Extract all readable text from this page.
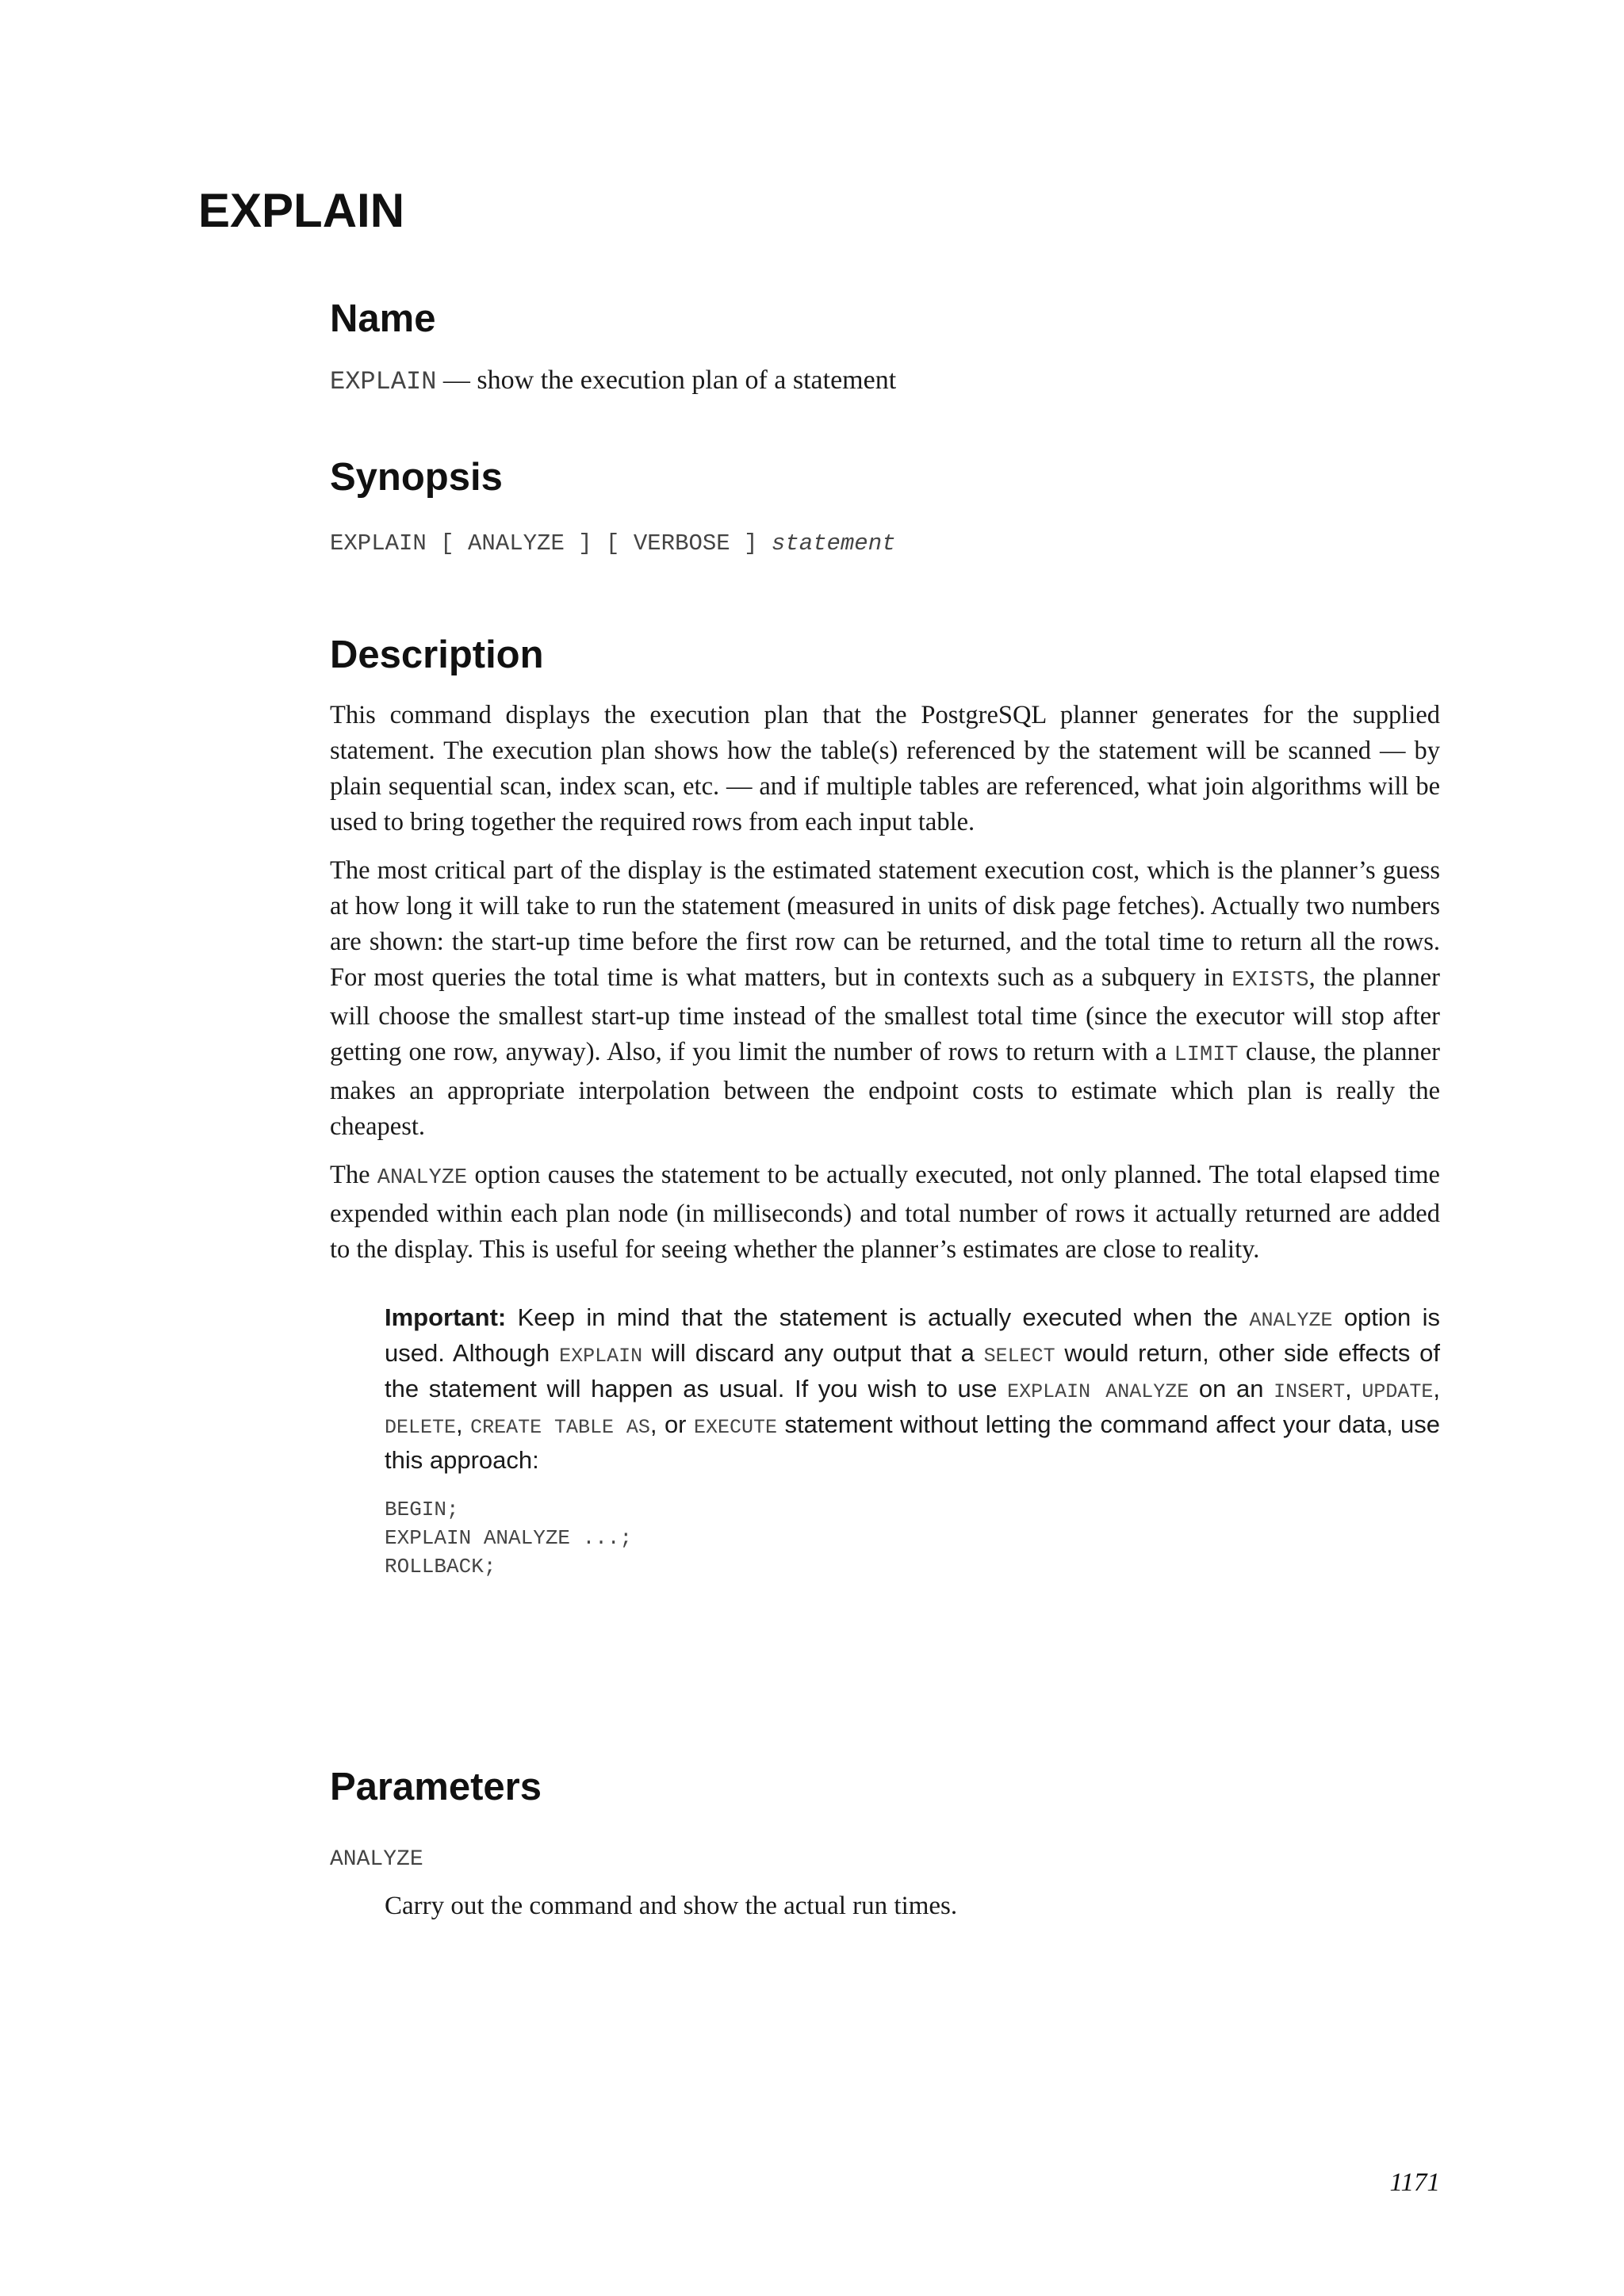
EXPLAIN
Name

EXPLAIN — show the execution plan of a statement

Synopsis
EXPLAIN [ ANALYZE ] [ VERBOSE ] statement
Description

This command displays the execution plan that the PostgreSQL planner generates for the supplied statement. The execution plan shows how the table(s) referenced by the statement will be scanned — by plain sequential scan, index scan, etc. — and if multiple tables are referenced, what join algorithms will be used to bring together the required rows from each input table.

The most critical part of the display is the estimated statement execution cost, which is the planner’s guess at how long it will take to run the statement (measured in units of disk page fetches). Actually two numbers are shown: the start-up time before the first row can be returned, and the total time to return all the rows. For most queries the total time is what matters, but in contexts such as a subquery in EXISTS, the planner will choose the smallest start-up time instead of the smallest total time (since the executor will stop after getting one row, anyway). Also, if you limit the number of rows to return with a LIMIT clause, the planner makes an appropriate interpolation between the endpoint costs to estimate which plan is really the cheapest.

The ANALYZE option causes the statement to be actually executed, not only planned. The total elapsed time expended within each plan node (in milliseconds) and total number of rows it actually returned are added to the display. This is useful for seeing whether the planner’s estimates are close to reality.

Important: Keep in mind that the statement is actually executed when the ANALYZE option is used. Although EXPLAIN will discard any output that a SELECT would return, other side effects of the statement will happen as usual. If you wish to use EXPLAIN ANALYZE on an INSERT, UPDATE, DELETE, CREATE TABLE AS, or EXECUTE statement without letting the command affect your data, use this approach:
BEGIN;
EXPLAIN ANALYZE ...;
ROLLBACK;
Parameters
ANALYZE

Carry out the command and show the actual run times.

1171
